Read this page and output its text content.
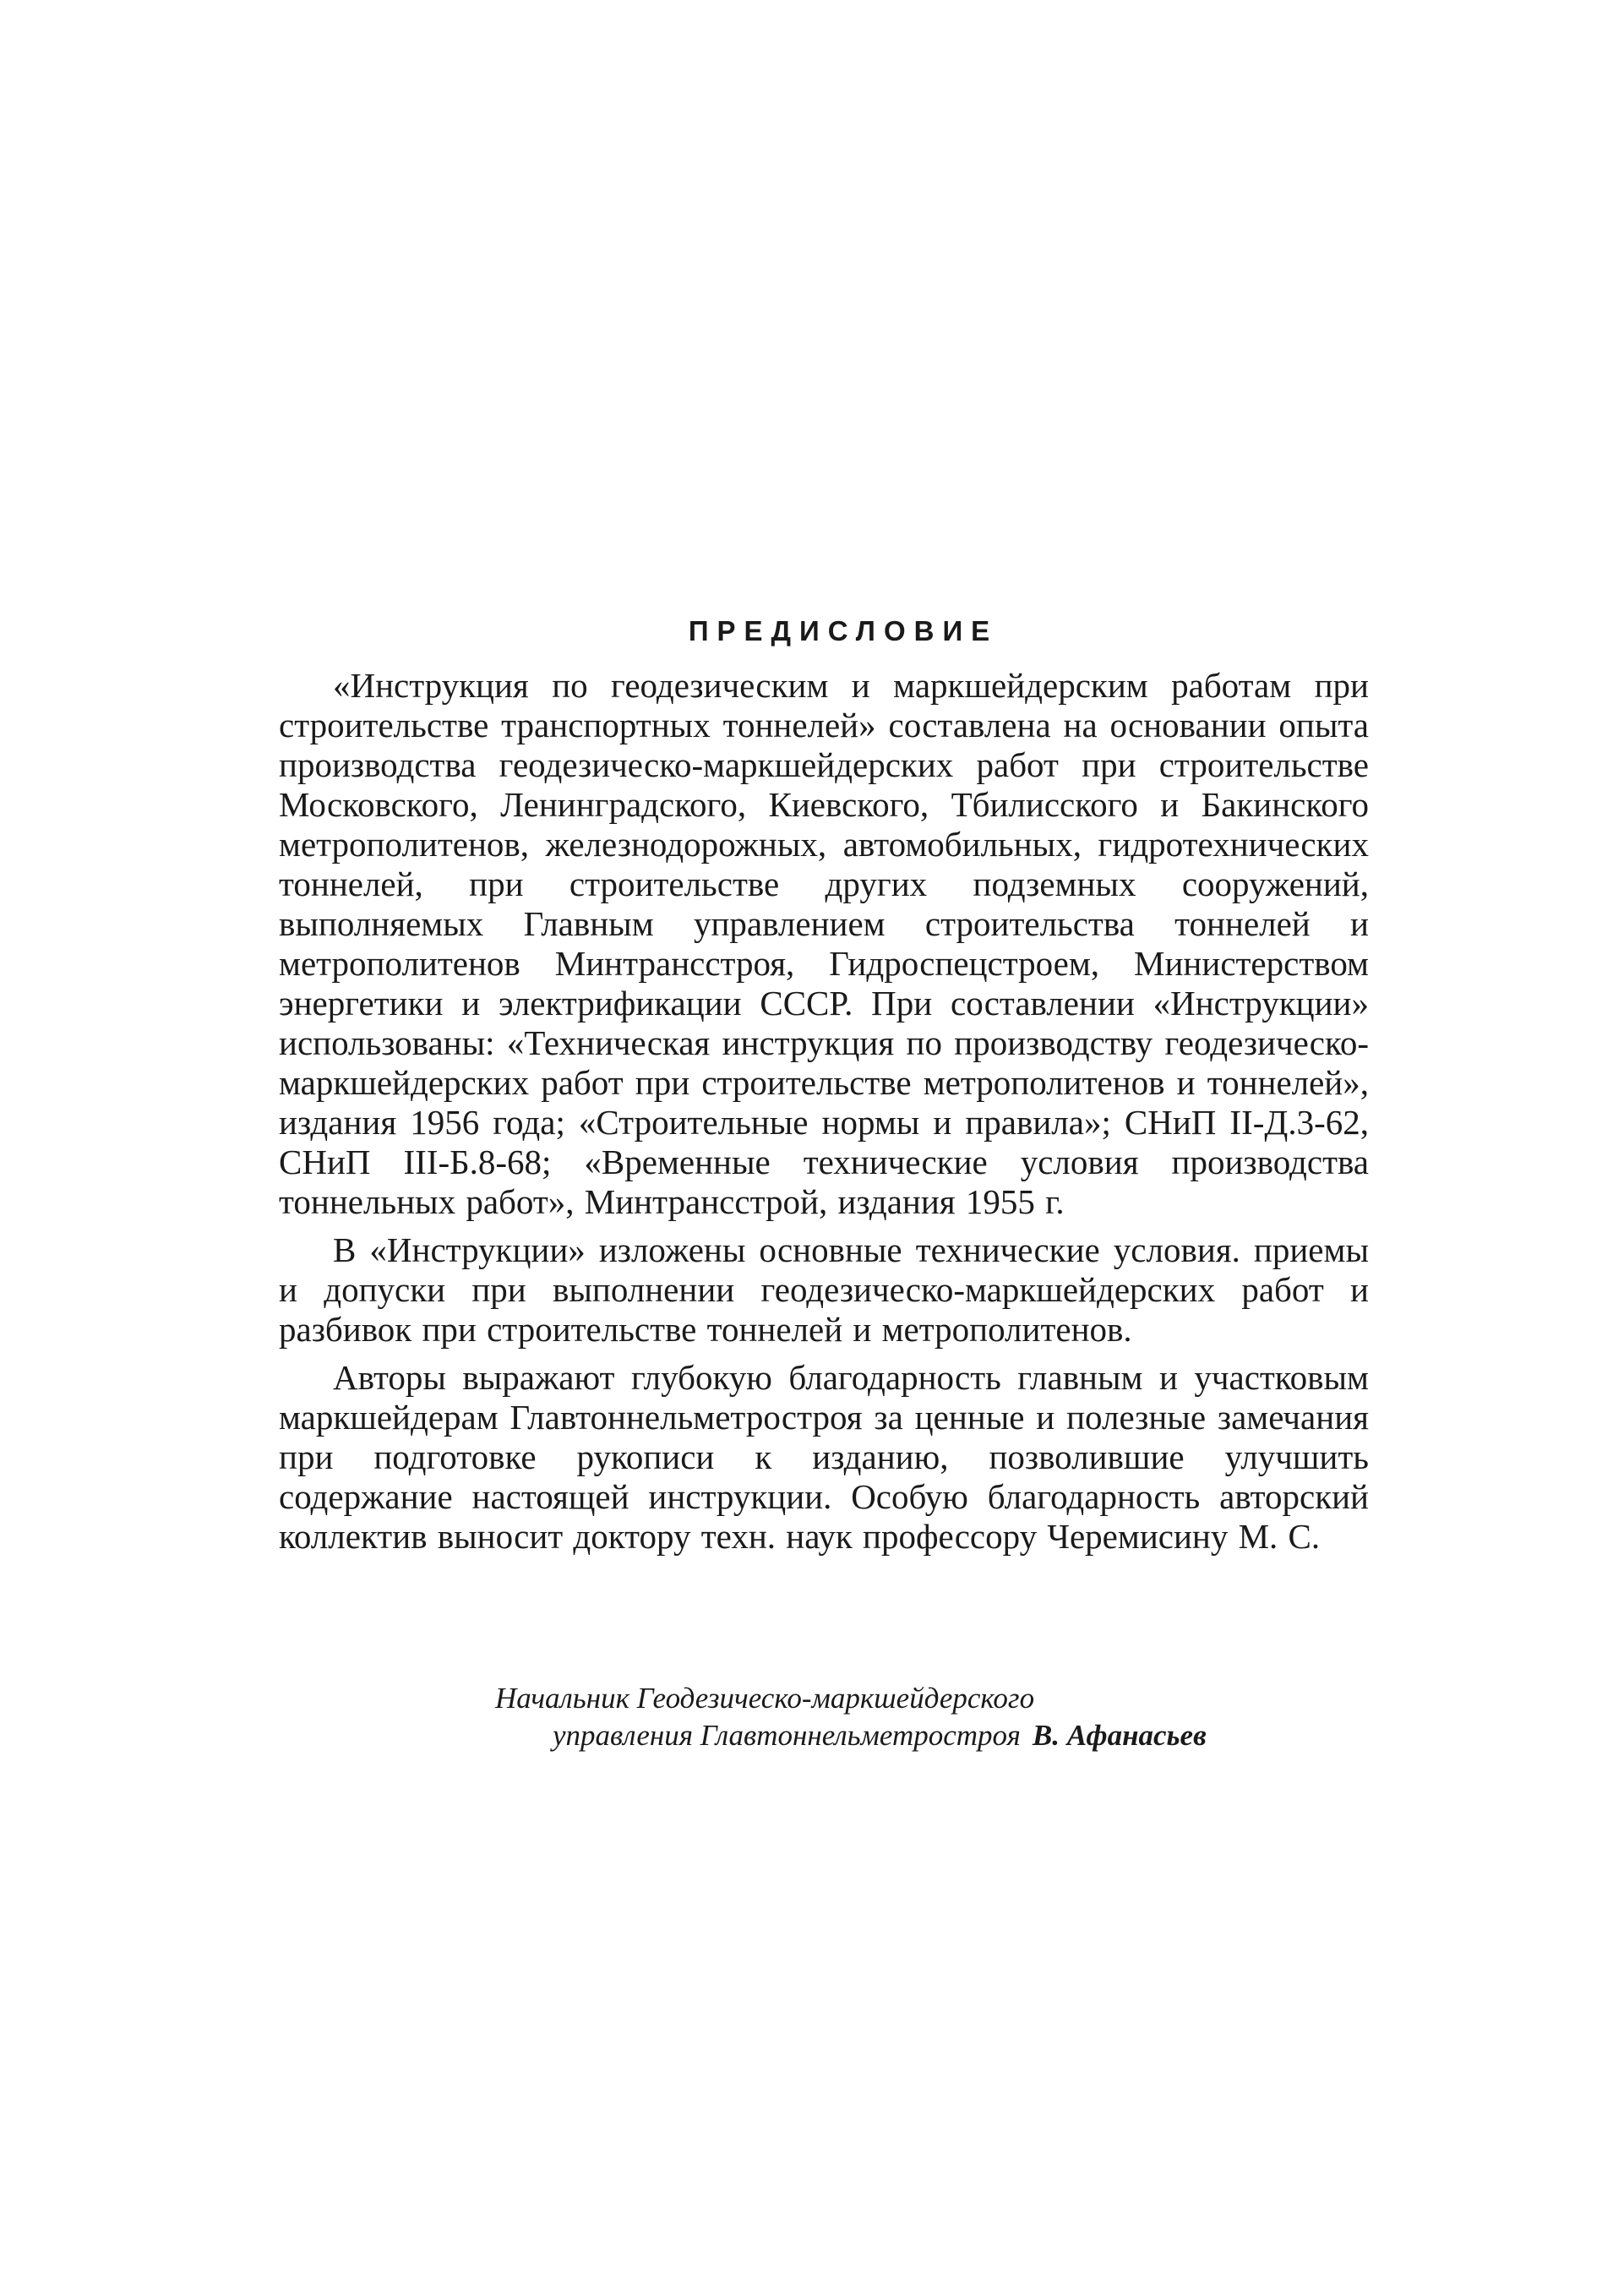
ПРЕДИСЛОВИЕ

«Инструкция по геодезическим и маркшейдерским работам при строительстве транспортных тоннелей» составлена на основании опыта производства геодезическо-маркшейдерских работ при строительстве Московского, Ленинградского, Киевского, Тбилисского и Бакинского метрополитенов, железнодорожных, автомобильных, гидротехнических тоннелей, при строительстве других подземных сооружений, выполняемых Главным управлением строительства тоннелей и метрополитенов Минтрансстроя, Гидроспецстроем, Министерством энергетики и электрификации СССР. При составлении «Инструкции» использованы: «Техническая инструкция по производству геодезическо-маркшейдерских работ при строительстве метрополитенов и тоннелей», издания 1956 года; «Строительные нормы и правила»; СНиП II-Д.3-62, СНиП III-Б.8-68; «Временные технические условия производства тоннельных работ», Минтрансстрой, издания 1955 г.

В «Инструкции» изложены основные технические условия. приемы и допуски при выполнении геодезическо-маркшейдерских работ и разбивок при строительстве тоннелей и метрополитенов.

Авторы выражают глубокую благодарность главным и участковым маркшейдерам Главтоннельметростроя за ценные и полезные замечания при подготовке рукописи к изданию, позволившие улучшить содержание настоящей инструкции. Особую благодарность авторский коллектив выносит доктору техн. наук профессору Черемисину М. С.

Начальник Геодезическо-маркшейдерского
управления Главтоннельметростроя В. Афанасьев
